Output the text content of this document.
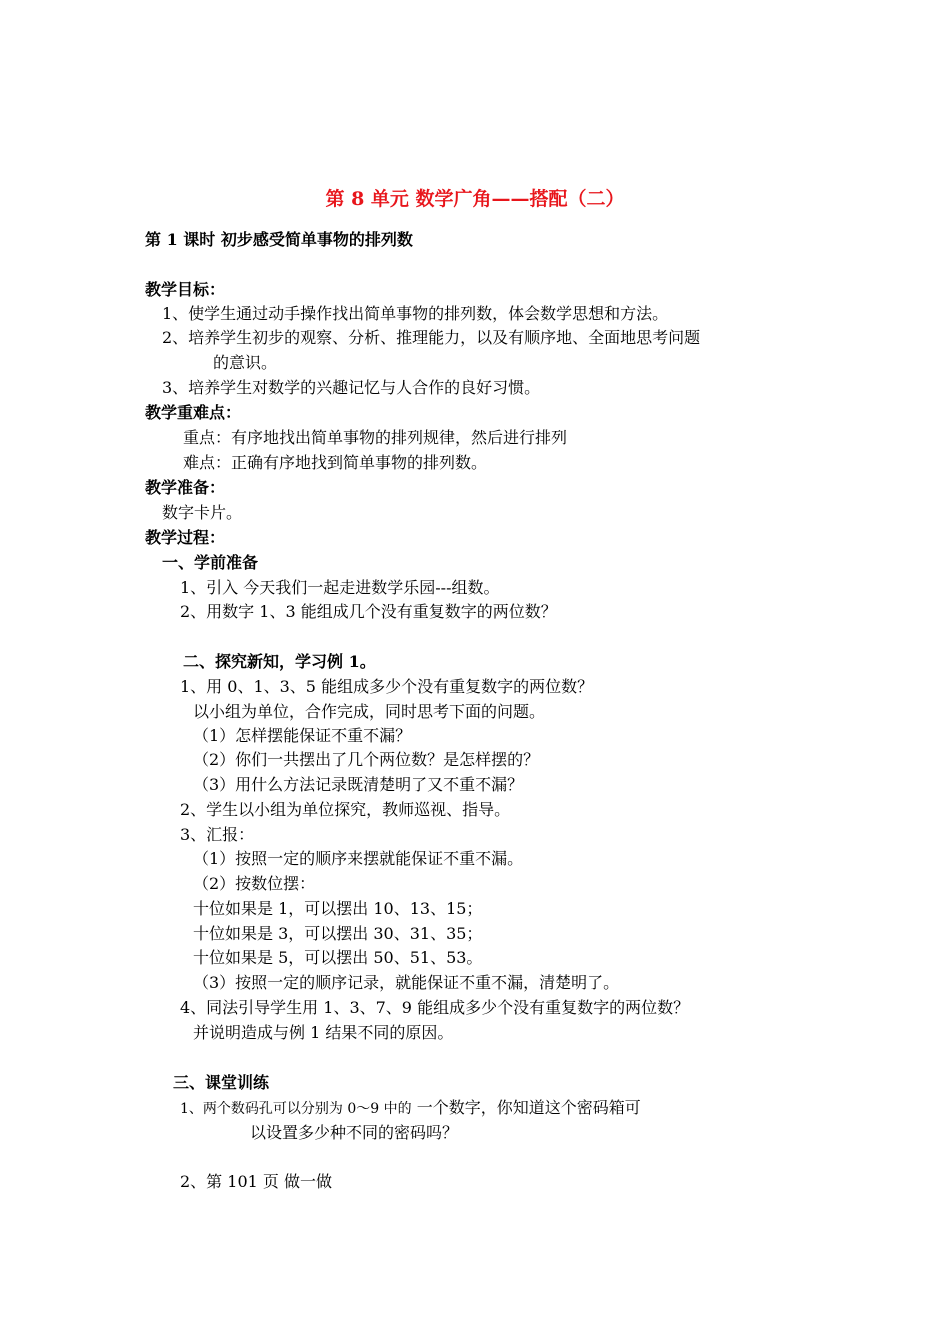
第 8 单元 数学广角——搭配（二）
第 1 课时 初步感受简单事物的排列数
教学目标：
1、使学生通过动手操作找出简单事物的排列数，体会数学思想和方法。
2、培养学生初步的观察、分析、推理能力，以及有顺序地、全面地思考问题
的意识。
3、培养学生对数学的兴趣记忆与人合作的良好习惯。
教学重难点：
重点：有序地找出简单事物的排列规律，然后进行排列
难点：正确有序地找到简单事物的排列数。
教学准备：
数字卡片。
教学过程：
一、学前准备
1、引入 今天我们一起走进数学乐园---组数。
2、用数字 1、3 能组成几个没有重复数字的两位数？
二、探究新知，学习例 1。
1、用 0、1、3、5 能组成多少个没有重复数字的两位数？
以小组为单位，合作完成，同时思考下面的问题。
（1）怎样摆能保证不重不漏？
（2）你们一共摆出了几个两位数？是怎样摆的？
（3）用什么方法记录既清楚明了又不重不漏？
2、学生以小组为单位探究，教师巡视、指导。
3、汇报：
（1）按照一定的顺序来摆就能保证不重不漏。
（2）按数位摆：
十位如果是 1，可以摆出 10、13、15；
十位如果是 3，可以摆出 30、31、35；
十位如果是 5，可以摆出 50、51、53。
（3）按照一定的顺序记录，就能保证不重不漏，清楚明了。
4、同法引导学生用 1、3、7、9 能组成多少个没有重复数字的两位数？
并说明造成与例 1 结果不同的原因。
三、课堂训练
1、两个数码孔可以分别为 0～9 中的 一个数字，你知道这个密码箱可
以设置多少种不同的密码吗？
2、第 101 页 做一做
